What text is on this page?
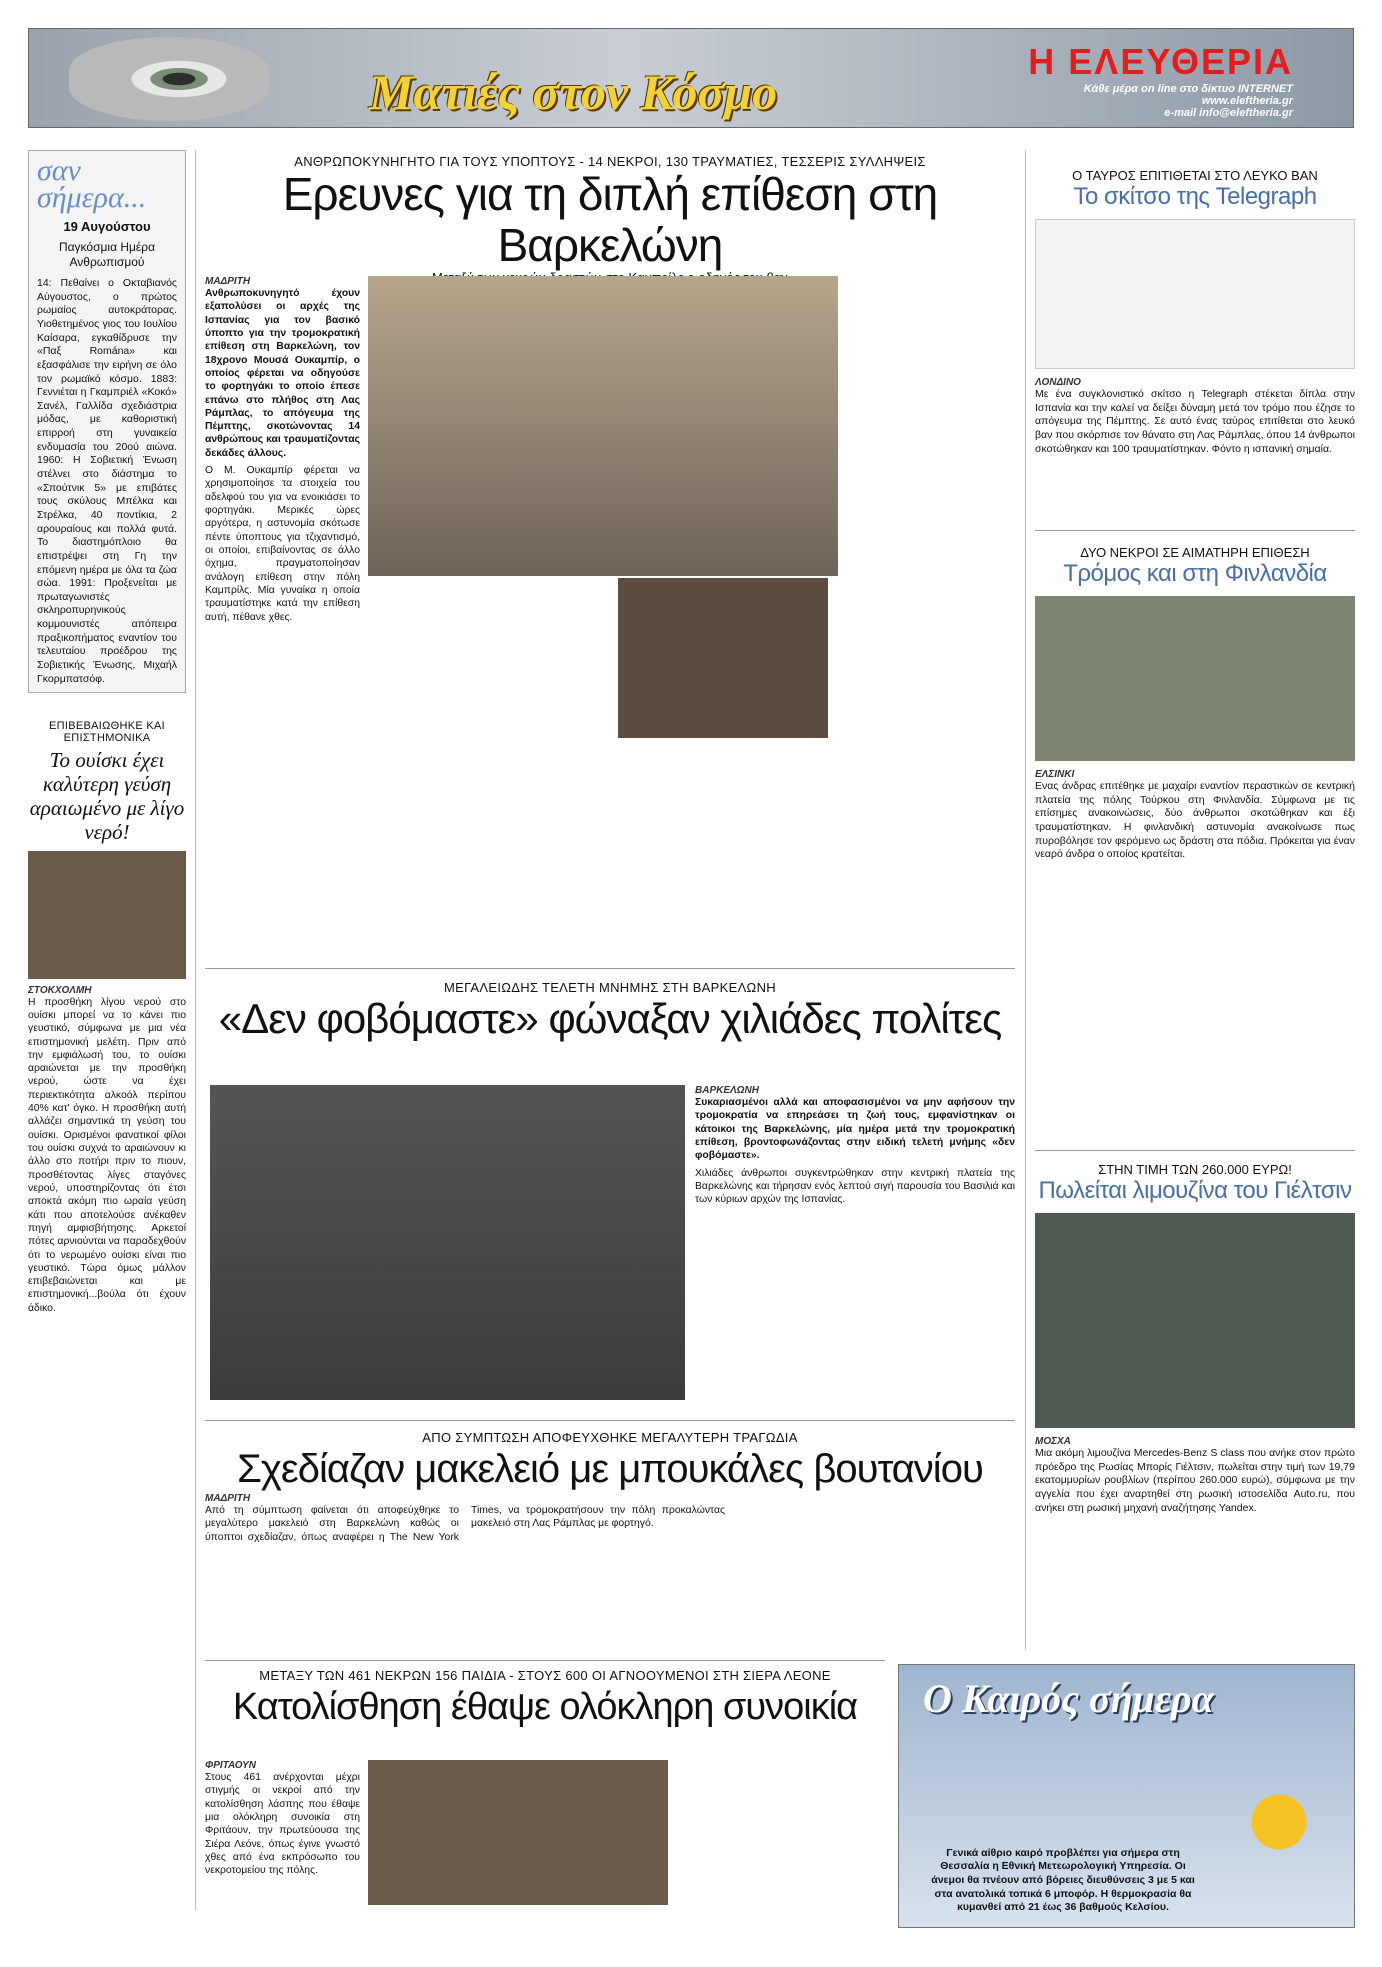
Ματιές στον Κόσμο
Η ΕΛΕΥΘΕΡΙΑ
Κάθε μέρα on line στο δίκτυο INTERNET
www.eleftheria.gr
e-mail info@eleftheria.gr
σαν
σήμερα...
19 Αυγούστου
Παγκόσμια Ημέρα Ανθρωπισμού
14: Πεθαίνει ο Οκταβιανός Αύγουστος, ο πρώτος ρωμαίος αυτοκράτορας. Υιοθετημένος γιος του Ιουλίου Καίσαρα, εγκαθίδρυσε την «Παξ Romána» και εξασφάλισε την ειρήνη σε όλο τον ρωμαϊκό κόσμο. 1883: Γεννιέται η Γκαμπριέλ «Κοκό» Σανέλ, Γαλλίδα σχεδιάστρια μόδας, με καθοριστική επιρροή στη γυναικεία ενδυμασία του 20ού αιώνα. 1960: Η Σοβιετική Ένωση στέλνει στο διάστημα το «Σπούτνικ 5» με επιβάτες τους σκύλους Μπέλκα και Στρέλκα, 40 ποντίκια, 2 αρουραίους και πολλά φυτά. Το διαστημόπλοιο θα επιστρέψει στη Γη την επόμενη ημέρα με όλα τα ζώα σώα. 1991: Προξενείται με πρωταγωνιστές σκληροπυρηνικούς κομμουνιστές απόπειρα πραξικοπήματος εναντίον του τελευταίου προέδρου της Σοβιετικής Ένωσης, Μιχαήλ Γκορμπατσόφ.
ΕΠΙΒΕΒΑΙΩΘΗΚΕ ΚΑΙ ΕΠΙΣΤΗΜΟΝΙΚΑ
Το ουίσκι έχει καλύτερη γεύση αραιωμένο με λίγο νερό!
ΣΤΟΚΧΟΛΜΗ
Η προσθήκη λίγου νερού στο ουίσκι μπορεί να το κάνει πιο γευστικό, σύμφωνα με μια νέα επιστημονική μελέτη. Πριν από την εμφιάλωσή του, το ουίσκι αραιώνεται με την προσθήκη νερού, ώστε να έχει περιεκτικότητα αλκοόλ περίπου 40% κατ' όγκο. Η προσθήκη αυτή αλλάζει σημαντικά τη γεύση του ουίσκι. Ορισμένοι φανατικοί φίλοι του ουίσκι συχνά το αραιώνουν κι άλλο στο ποτήρι πριν το πιουν, προσθέτοντας λίγες σταγόνες νερού, υποστηρίζοντας ότι έτσι αποκτά ακόμη πιο ωραία γεύση κάτι που αποτελούσε ανέκαθεν πηγή αμφισβήτησης. Αρκετοί πότες αρνιούνται να παραδεχθούν ότι το νερωμένο ουίσκι είναι πιο γευστικό. Τώρα όμως μάλλον επιβεβαιώνεται και με επιστημονική...βούλα ότι έχουν άδικο.
ΑΝΘΡΩΠΟΚΥΝΗΓΗΤΟ ΓΙΑ ΤΟΥΣ ΥΠΟΠΤΟΥΣ - 14 ΝΕΚΡΟΙ, 130 ΤΡΑΥΜΑΤΙΕΣ, ΤΕΣΣΕΡΙΣ ΣΥΛΛΗΨΕΙΣ
Ερευνες για τη διπλή επίθεση στη Βαρκελώνη
ΜΑΔΡΙΤΗ
Ανθρωποκυνηγητό έχουν εξαπολύσει οι αρχές της Ισπανίας για τον βασικό ύποπτο για την τρομοκρατική επίθεση στη Βαρκελώνη, τον 18χρονο Μουσά Ουκαμπίρ, ο οποίος φέρεται να οδηγούσε το φορτηγάκι το οποίο έπεσε επάνω στο πλήθος στη Λας Ράμπλας, το απόγευμα της Πέμπτης, σκοτώνοντας 14 ανθρώπους και τραυματίζοντας δεκάδες άλλους.
Ο Μ. Ουκαμπίρ φέρεται να χρησιμοποίησε τα στοιχεία του αδελφού του για να ενοικιάσει το φορτηγάκι. Μερικές ώρες αργότερα, η αστυνομία σκότωσε πέντε ύποπτους για τζιχαντισμό, οι οποίοι, επιβαίνοντας σε άλλο όχημα, πραγματοποίησαν ανάλογη επίθεση στην πόλη Καμπρίλς. Μία γυναίκα η οποία τραυματίστηκε κατά την επίθεση αυτή, πέθανε χθες.
ΜΕΓΑΛΕΙΩΔΗΣ ΤΕΛΕΤΗ ΜΝΗΜΗΣ ΣΤΗ ΒΑΡΚΕΛΩΝΗ
«Δεν φοβόμαστε» φώναξαν χιλιάδες πολίτες
ΒΑΡΚΕΛΩΝΗ
Συκαριασμένοι αλλά και αποφασισμένοι να μην αφήσουν την τρομοκρατία να επηρεάσει τη ζωή τους, εμφανίστηκαν οι κάτοικοι της Βαρκελώνης, μία ημέρα μετά την τρομοκρατική επίθεση, βροντοφωνάζοντας στην ειδική τελετή μνήμης «δεν φοβόμαστε».
Χιλιάδες άνθρωποι συγκεντρώθηκαν στην κεντρική πλατεία της Βαρκελώνης και τήρησαν ενός λεπτού σιγή παρουσία του Βασιλιά και των κύριων αρχών της Ισπανίας.
ΑΠΟ ΣΥΜΠΤΩΣΗ ΑΠΟΦΕΥΧΘΗΚΕ ΜΕΓΑΛΥΤΕΡΗ ΤΡΑΓΩΔΙΑ
Σχεδίαζαν μακελειό με μπουκάλες βουτανίου
ΜΑΔΡΙΤΗ
Από τη σύμπτωση φαίνεται ότι αποφεύχθηκε το μεγαλύτερο μακελειό στη Βαρκελώνη καθώς οι ύποπτοι σχεδίαζαν, όπως αναφέρει η The New York Times, να τρομοκρατήσουν την πόλη προκαλώντας μακελειό στη Λας Ράμπλας με φορτηγό.
ΜΕΤΑΞΥ ΤΩΝ 461 ΝΕΚΡΩΝ 156 ΠΑΙΔΙΑ - ΣΤΟΥΣ 600 ΟΙ ΑΓΝΟΟΥΜΕΝΟΙ ΣΤΗ ΣΙΕΡΑ ΛΕΟΝΕ
Κατολίσθηση έθαψε ολόκληρη συνοικία
ΦΡΙΤΑΟΥΝ
Στους 461 ανέρχονται μέχρι στιγμής οι νεκροί από την κατολίσθηση λάσπης που έθαψε μια ολόκληρη συνοικία στη Φριτάουν, την πρωτεύουσα της Σιέρα Λεόνε, όπως έγινε γνωστό χθες από ένα εκπρόσωπο του νεκροτομείου της πόλης.
Ο ΤΑΥΡΟΣ ΕΠΙΤΙΘΕΤΑΙ ΣΤΟ ΛΕΥΚΟ ΒΑΝ
Το σκίτσο της Telegraph
ΛΟΝΔΙΝΟ
Με ένα συγκλονιστικό σκίτσο η Telegraph στέκεται δίπλα στην Ισπανία και την καλεί να δείξει δύναμη μετά τον τρόμο που έζησε το απόγευμα της Πέμπτης. Σε αυτό ένας ταύρος επιτίθεται στο λευκό βαν που σκόρπισε τον θάνατο στη Λας Ράμπλας, όπου 14 άνθρωποι σκοτώθηκαν και 100 τραυματίστηκαν. Φόντο η ισπανική σημαία.
ΔΥΟ ΝΕΚΡΟΙ ΣΕ ΑΙΜΑΤΗΡΗ ΕΠΙΘΕΣΗ
Τρόμος και στη Φινλανδία
ΕΛΣΙΝΚΙ
Ενας άνδρας επιτέθηκε με μαχαίρι εναντίον περαστικών σε κεντρική πλατεία της πόλης Τούρκου στη Φινλανδία. Σύμφωνα με τις επίσημες ανακοινώσεις, δύο άνθρωποι σκοτώθηκαν και έξι τραυματίστηκαν. Η φινλανδική αστυνομία ανακοίνωσε πως πυροβόλησε τον φερόμενο ως δράστη στα πόδια. Πρόκειται για έναν νεαρό άνδρα ο οποίος κρατείται.
ΣΤΗΝ ΤΙΜΗ ΤΩΝ 260.000 ΕΥΡΩ!
Πωλείται λιμουζίνα του Γιέλτσιν
ΜΟΣΧΑ
Μια ακόμη λιμουζίνα Mercedes-Benz S class που ανήκε στον πρώτο πρόεδρο της Ρωσίας Μπορίς Γιέλτσιν, πωλείται στην τιμή των 19,79 εκατομμυρίων ρουβλίων (περίπου 260.000 ευρώ), σύμφωνα με την αγγελία που έχει αναρτηθεί στη ρωσική ιστοσελίδα Auto.ru, που ανήκει στη ρωσική μηχανή αναζήτησης Yandex.
Ο Καιρός σήμερα
Γενικά αίθριο καιρό προβλέπει για σήμερα στη Θεσσαλία η Εθνική Μετεωρολογική Υπηρεσία. Οι άνεμοι θα πνέουν από βόρειες διευθύνσεις 3 με 5 και στα ανατολικά τοπικά 6 μποφόρ. Η θερμοκρασία θα κυμανθεί από 21 έως 36 βαθμούς Κελσίου.
